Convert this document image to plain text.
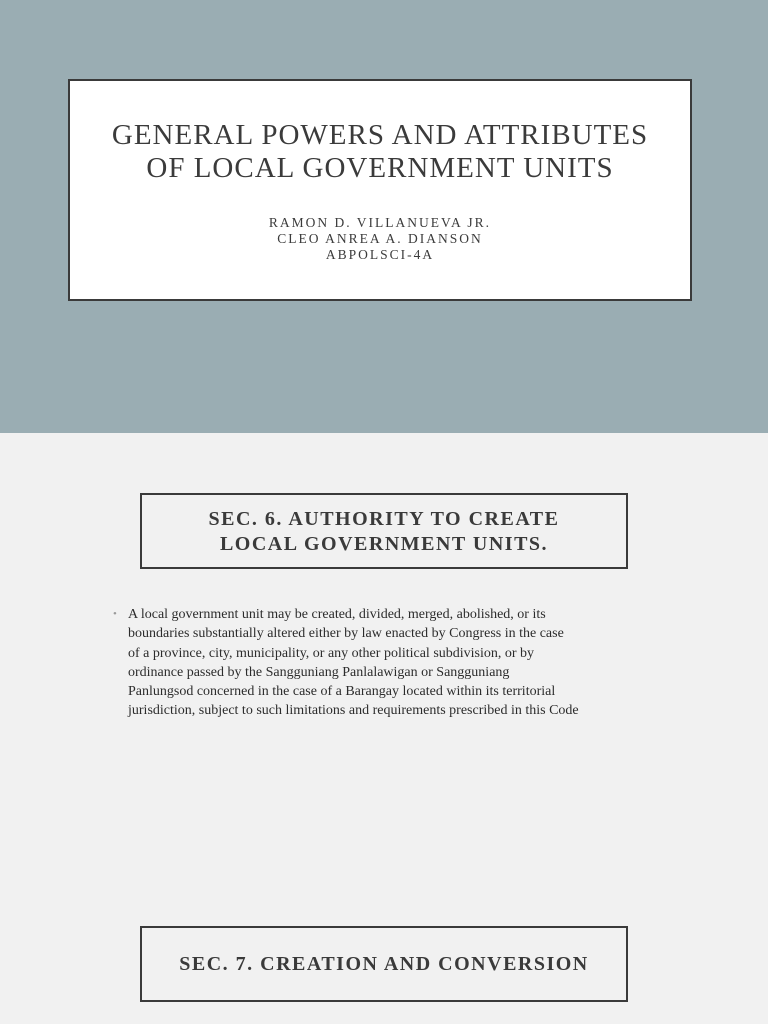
GENERAL POWERS AND ATTRIBUTES
OF LOCAL GOVERNMENT UNITS
RAMON D. VILLANUEVA JR.
CLEO ANREA A. DIANSON
ABPOLSCI-4A
SEC. 6. AUTHORITY TO CREATE
LOCAL GOVERNMENT UNITS.
• A local government unit may be created, divided, merged, abolished, or its
boundaries substantially altered either by law enacted by Congress in the case
of a province, city, municipality, or any other political subdivision, or by
ordinance passed by the Sangguniang Panlalawigan or Sangguniang
Panlungsod concerned in the case of a Barangay located within its territorial
jurisdiction, subject to such limitations and requirements prescribed in this Code
SEC. 7. CREATION AND CONVERSION
